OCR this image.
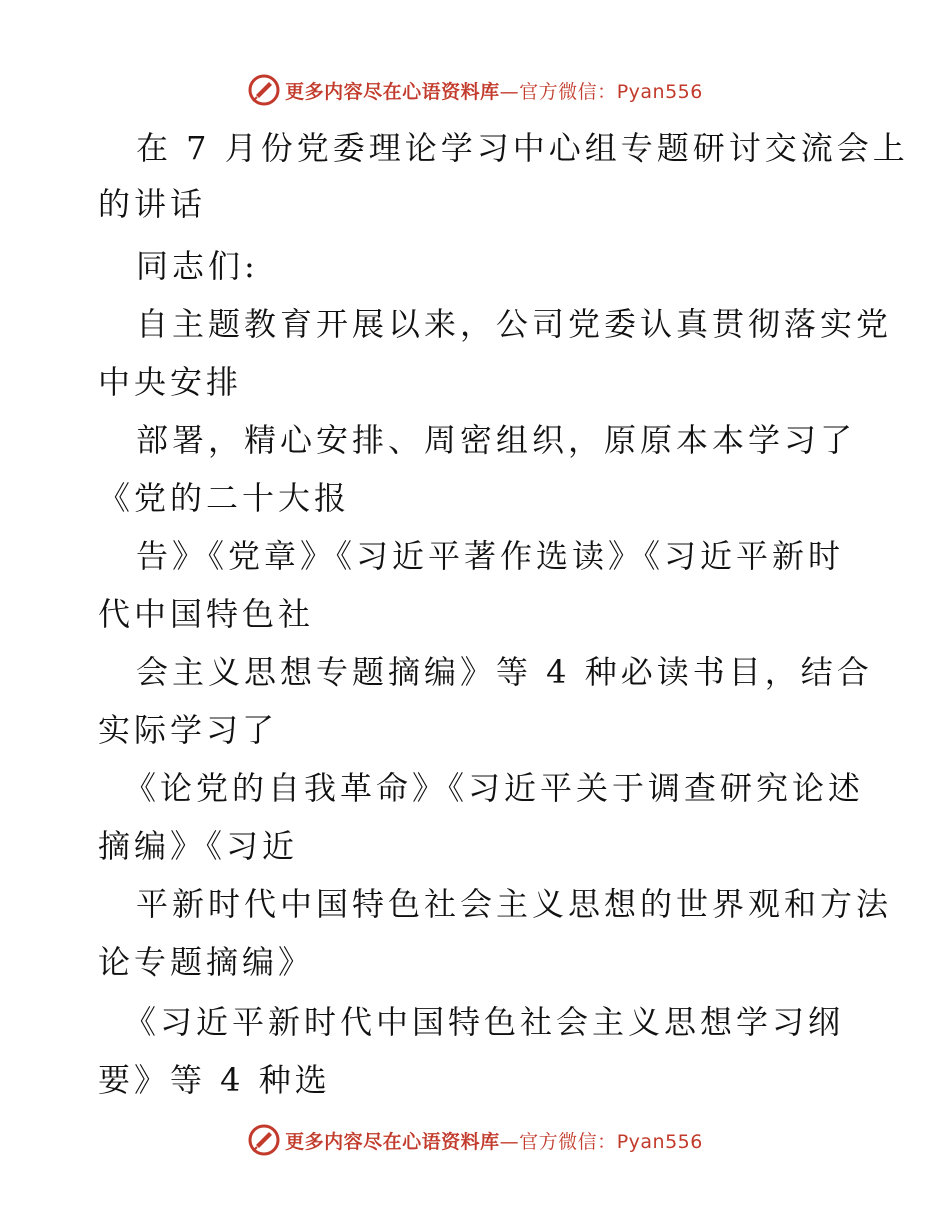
更多内容尽在心语资料库—官方微信：Pyan556
在 7 月份党委理论学习中心组专题研讨交流会上
的讲话
同志们:
自主题教育开展以来，公司党委认真贯彻落实党
中央安排
部署，精心安排、周密组织，原原本本学习了
《党的二十大报
告》《党章》《习近平著作选读》《习近平新时
代中国特色社
会主义思想专题摘编》等 4 种必读书目，结合
实际学习了
《论党的自我革命》《习近平关于调查研究论述
摘编》《习近
平新时代中国特色社会主义思想的世界观和方法
论专题摘编》
《习近平新时代中国特色社会主义思想学习纲
要》等 4 种选
更多内容尽在心语资料库—官方微信：Pyan556
